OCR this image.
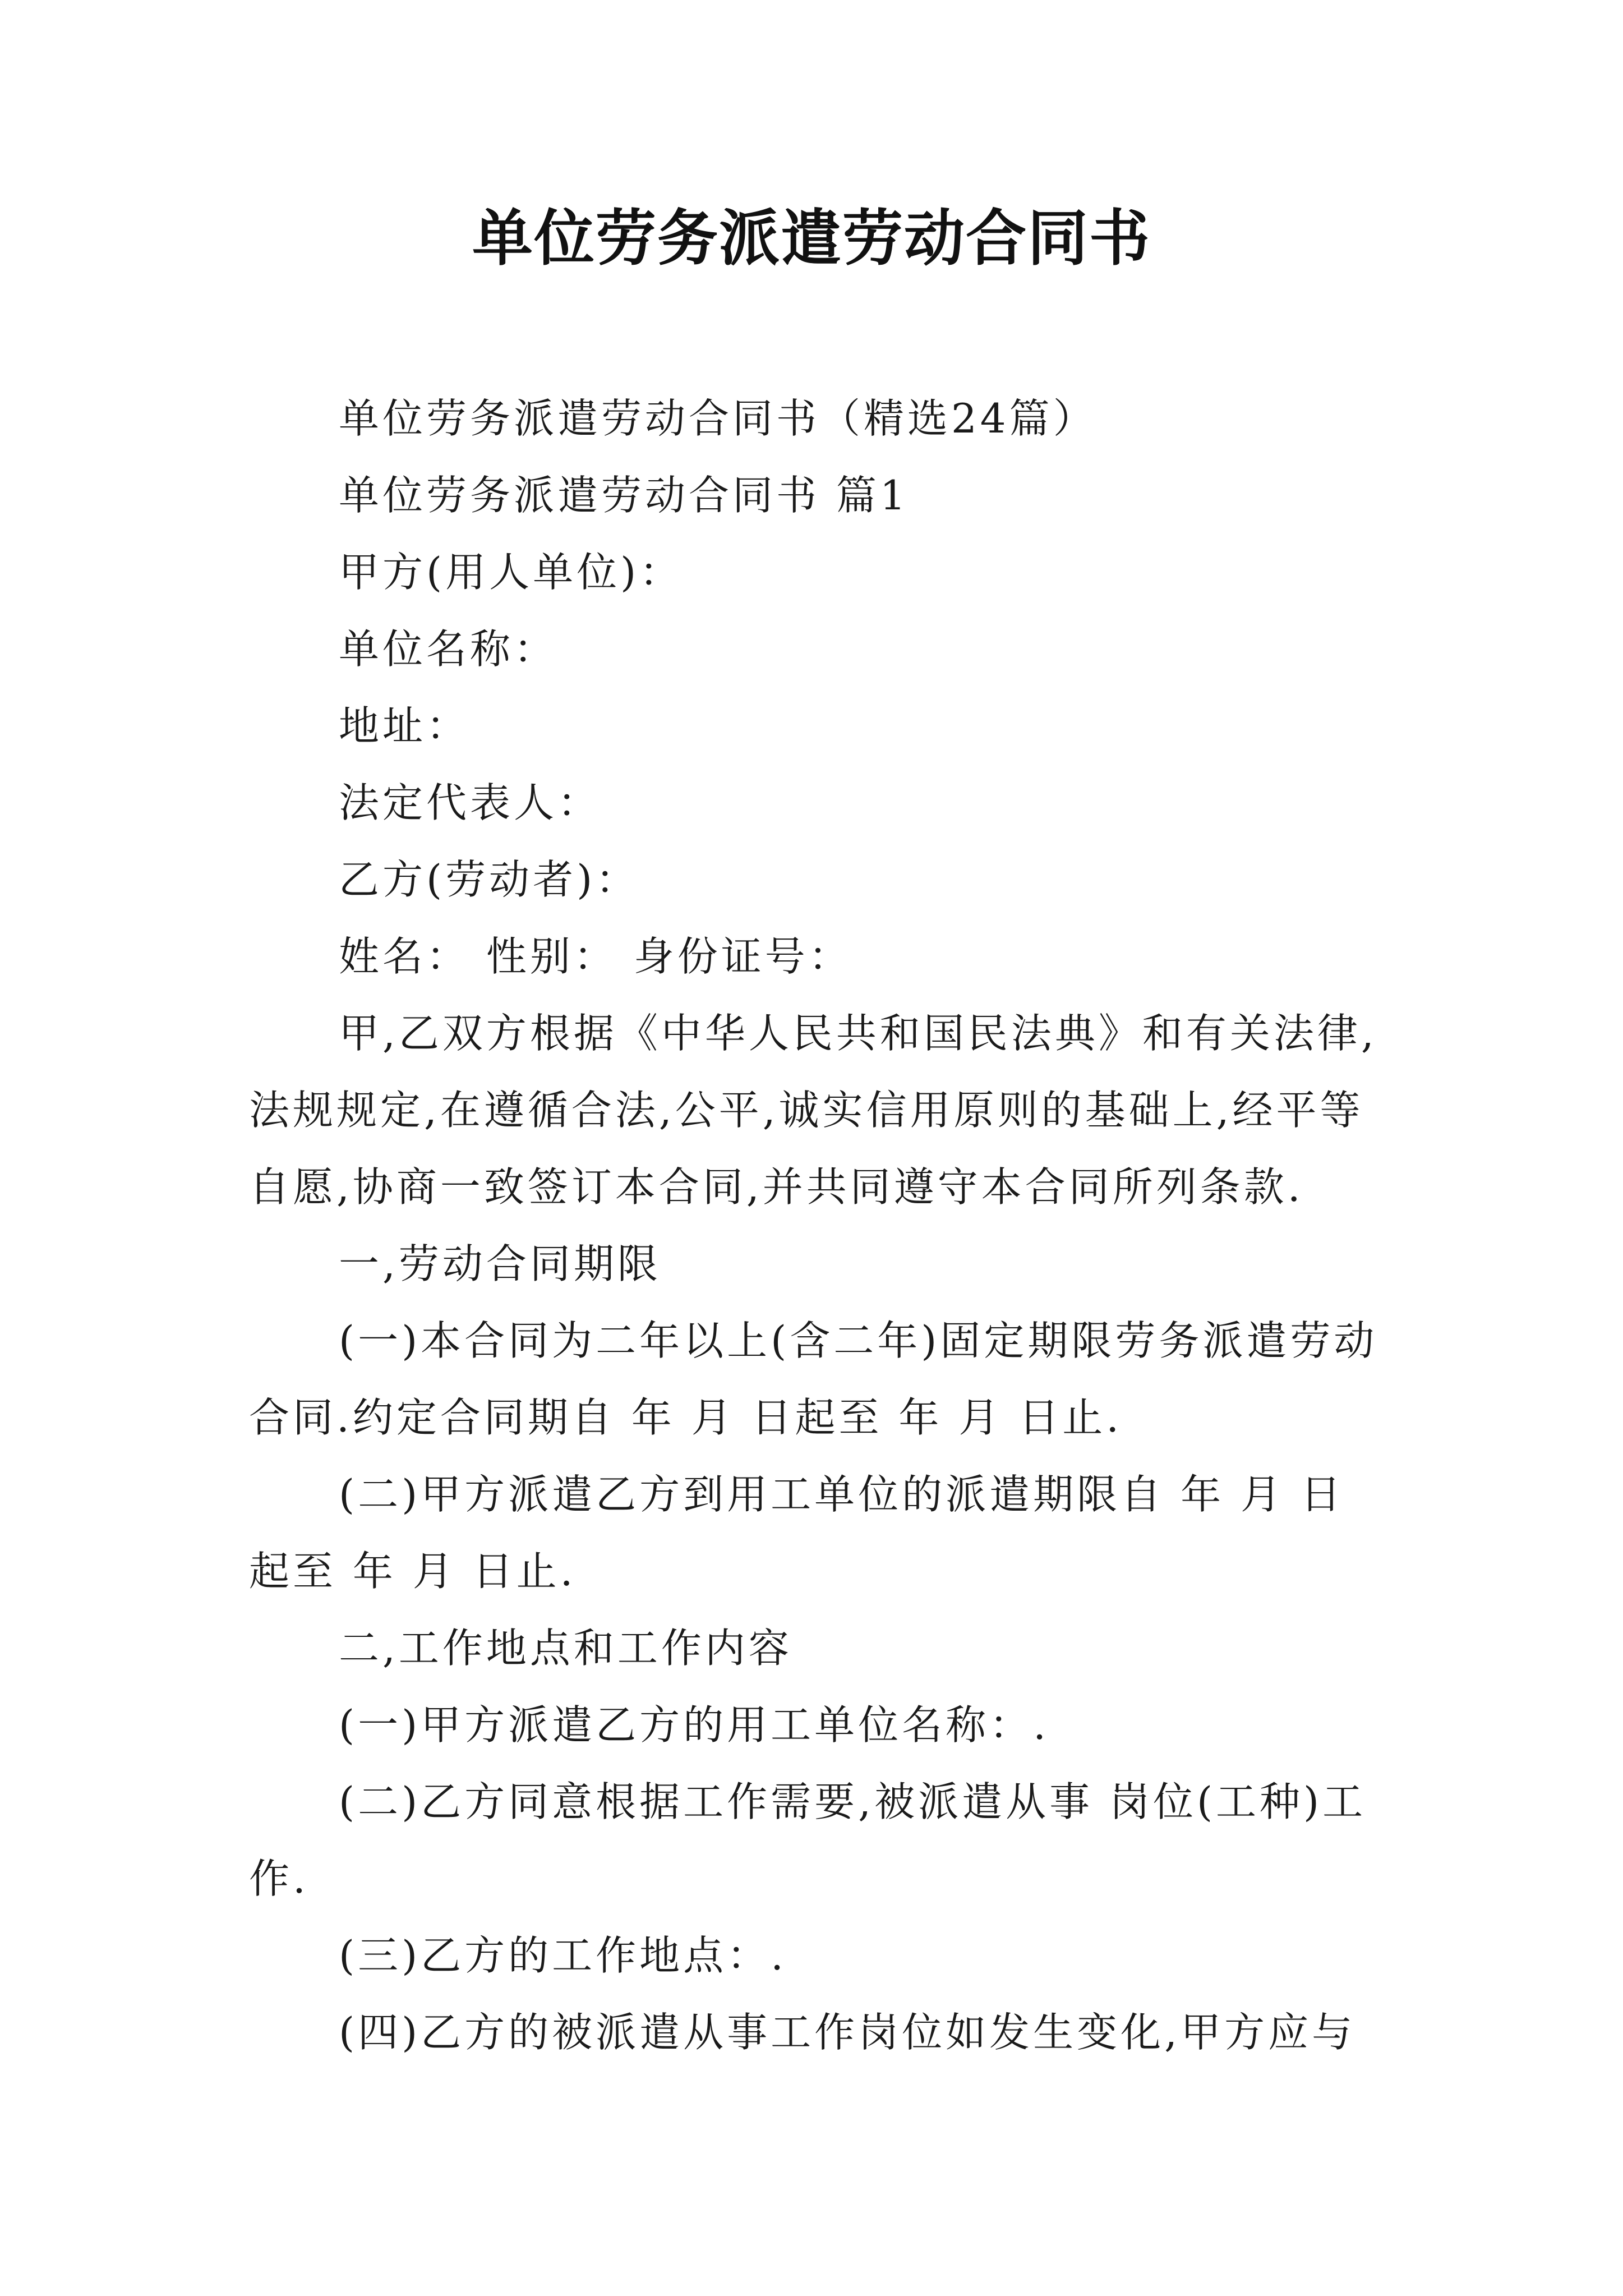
单位劳务派遣劳动合同书

单位劳务派遣劳动合同书（精选24篇）

单位劳务派遣劳动合同书 篇1

甲方(用人单位)：

单位名称：

地址：

法定代表人：

乙方(劳动者)：

姓名： 性别： 身份证号：

甲,乙双方根据《中华人民共和国民法典》和有关法律,法规规定,在遵循合法,公平,诚实信用原则的基础上,经平等自愿,协商一致签订本合同,并共同遵守本合同所列条款.

一,劳动合同期限

(一)本合同为二年以上(含二年)固定期限劳务派遣劳动合同.约定合同期自 年 月 日起至 年 月 日止.

(二)甲方派遣乙方到用工单位的派遣期限自 年 月 日起至 年 月 日止.

二,工作地点和工作内容

(一)甲方派遣乙方的用工单位名称：.

(二)乙方同意根据工作需要,被派遣从事 岗位(工种)工作.

(三)乙方的工作地点：.

(四)乙方的被派遣从事工作岗位如发生变化,甲方应与
